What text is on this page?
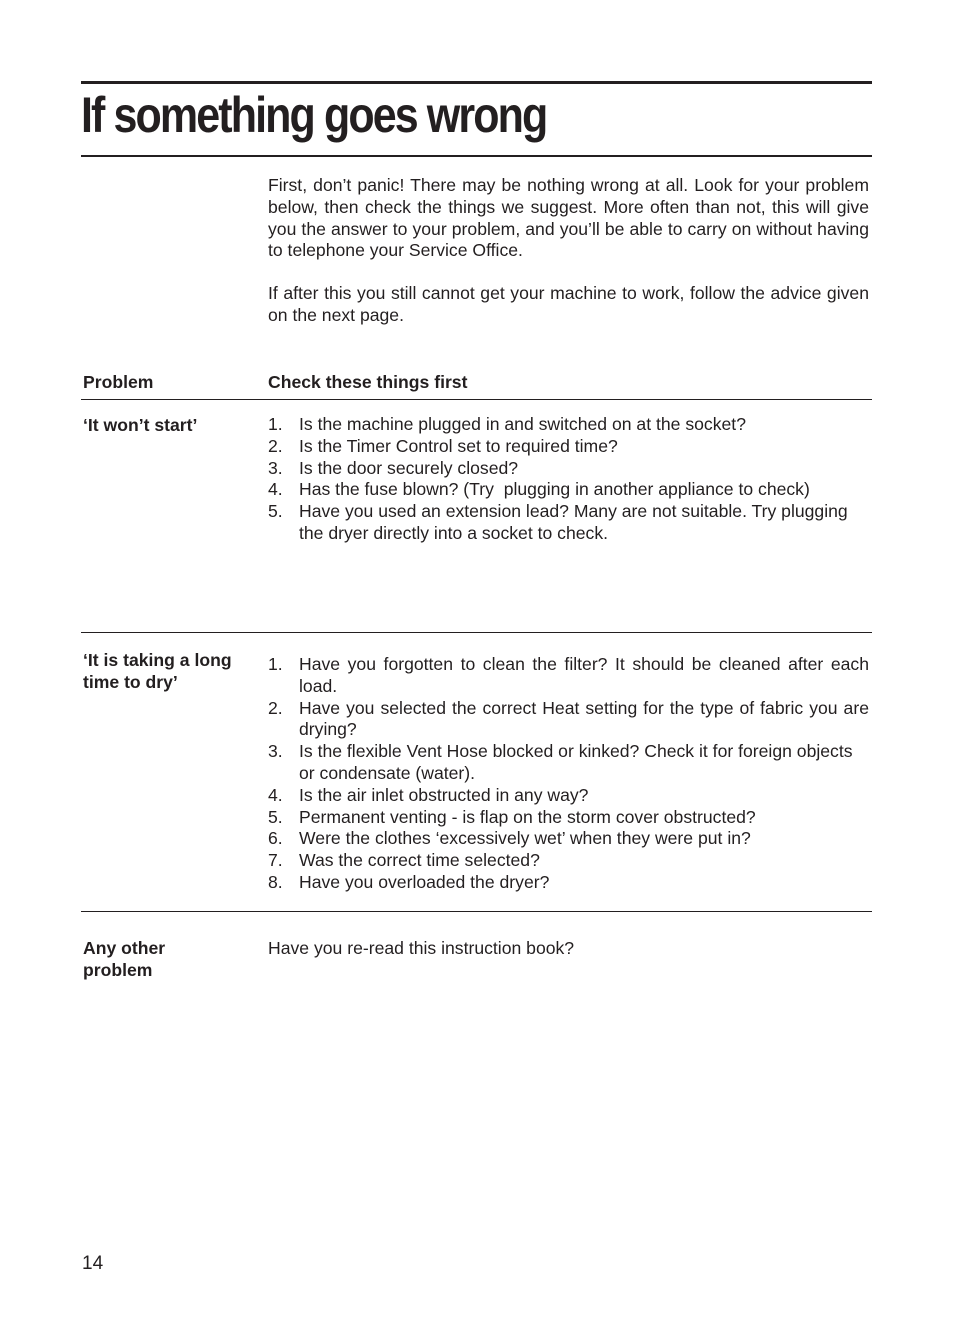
If something goes wrong

First, don’t panic! There may be nothing wrong at all. Look for your problem below, then check the things we suggest. More often than not, this will give you the answer to your problem, and you’ll be able to carry on without having to telephone your Service Office.

If after this you still cannot get your machine to work, follow the advice given on the next page.

Problem	Check these things first
‘It won’t start’	1. Is the machine plugged in and switched on at the socket?
2. Is the Timer Control set to required time?
3. Is the door securely closed?
4. Has the fuse blown? (Try  plugging in another appliance to check)
5. Have you used an extension lead? Many are not suitable. Try plugging the dryer directly into a socket to check.
‘It is taking a long time to dry’
1. Have you forgotten to clean the filter? It should be cleaned after each load.
2. Have you selected the correct Heat setting for the type of fabric you are drying?
3. Is the flexible Vent Hose blocked or kinked? Check it for foreign objects or condensate (water).
4. Is the air inlet obstructed in any way?
5. Permanent venting - is flap on the storm cover obstructed?
6. Were the clothes ‘excessively wet’ when they were put in?
7. Was the correct time selected?
8. Have you overloaded the dryer?
Any other problem

Have you re-read this instruction book?

14
